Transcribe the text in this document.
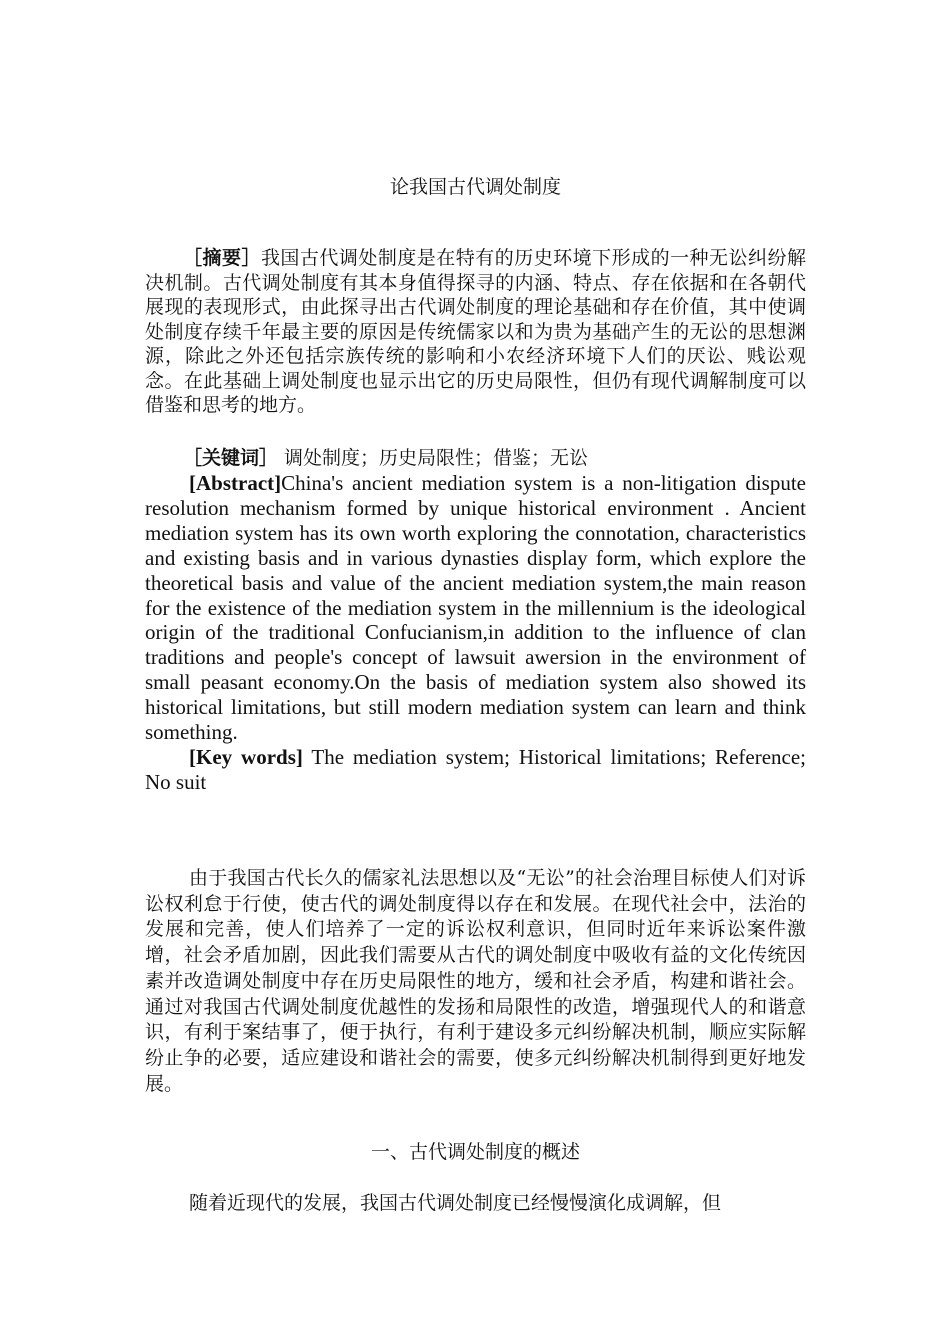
论我国古代调处制度

［摘要］我国古代调处制度是在特有的历史环境下形成的一种无讼纠纷解决机制。古代调处制度有其本身值得探寻的内涵、特点、存在依据和在各朝代展现的表现形式，由此探寻出古代调处制度的理论基础和存在价值，其中使调处制度存续千年最主要的原因是传统儒家以和为贵为基础产生的无讼的思想渊源，除此之外还包括宗族传统的影响和小农经济环境下人们的厌讼、贱讼观念。在此基础上调处制度也显示出它的历史局限性，但仍有现代调解制度可以借鉴和思考的地方。

［关键词］ 调处制度；历史局限性；借鉴；无讼

[Abstract]China's ancient mediation system is a non-litigation dispute resolution mechanism formed by unique historical environment . Ancient mediation system has its own worth exploring the connotation, characteristics and existing basis and in various dynasties display form, which explore the theoretical basis and value of the ancient mediation system,the main reason for the existence of the mediation system in the millennium is the ideological origin of the traditional Confucianism,in addition to the influence of clan traditions and people's concept of lawsuit awersion in the environment of small peasant economy.On the basis of mediation system also showed its historical limitations, but still modern mediation system can learn and think something.

[Key words] The mediation system; Historical limitations; Reference; No suit

由于我国古代长久的儒家礼法思想以及“无讼”的社会治理目标使人们对诉讼权利怠于行使，使古代的调处制度得以存在和发展。在现代社会中，法治的发展和完善，使人们培养了一定的诉讼权利意识，但同时近年来诉讼案件激增，社会矛盾加剧，因此我们需要从古代的调处制度中吸收有益的文化传统因素并改造调处制度中存在历史局限性的地方，缓和社会矛盾，构建和谐社会。通过对我国古代调处制度优越性的发扬和局限性的改造，增强现代人的和谐意识，有利于案结事了，便于执行，有利于建设多元纠纷解决机制，顺应实际解纷止争的必要，适应建设和谐社会的需要，使多元纠纷解决机制得到更好地发展。

一、古代调处制度的概述

随着近现代的发展，我国古代调处制度已经慢慢演化成调解，但
